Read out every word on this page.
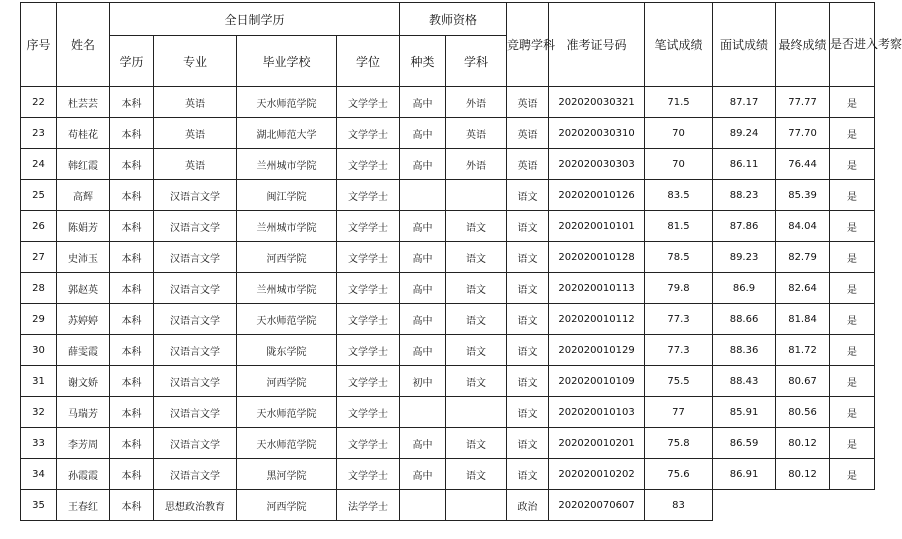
序号	姓名	全日制学历				教师资格		竞聘学科	准考证号码	笔试成绩	面试成绩	最终成绩	是否进入考察
		学历	专业	毕业学校	学位	种类	学科						
22	杜芸芸	本科	英语	天水师范学院	文学学士	高中	外语	英语	202020030321	71.5	87.17	77.77	是
23	苟桂花	本科	英语	湖北师范大学	文学学士	高中	英语	英语	202020030310	70	89.24	77.70	是
24	韩红霞	本科	英语	兰州城市学院	文学学士	高中	外语	英语	202020030303	70	86.11	76.44	是
25	高辉	本科	汉语言文学	闽江学院	文学学士			语文	202020010126	83.5	88.23	85.39	是
26	陈娟芳	本科	汉语言文学	兰州城市学院	文学学士	高中	语文	语文	202020010101	81.5	87.86	84.04	是
27	史沛玉	本科	汉语言文学	河西学院	文学学士	高中	语文	语文	202020010128	78.5	89.23	82.79	是
28	郭赵英	本科	汉语言文学	兰州城市学院	文学学士	高中	语文	语文	202020010113	79.8	86.9	82.64	是
29	苏婷婷	本科	汉语言文学	天水师范学院	文学学士	高中	语文	语文	202020010112	77.3	88.66	81.84	是
30	薛雯霞	本科	汉语言文学	陇东学院	文学学士	高中	语文	语文	202020010129	77.3	88.36	81.72	是
31	谢文娇	本科	汉语言文学	河西学院	文学学士	初中	语文	语文	202020010109	75.5	88.43	80.67	是
32	马瑞芳	本科	汉语言文学	天水师范学院	文学学士			语文	202020010103	77	85.91	80.56	是
33	李芳周	本科	汉语言文学	天水师范学院	文学学士	高中	语文	语文	202020010201	75.8	86.59	80.12	是
34	孙霞霞	本科	汉语言文学	黑河学院	文学学士	高中	语文	语文	202020010202	75.6	86.91	80.12	是
35	王春红	本科	思想政治教育	河西学院	法学学士			政治	202020070607	83			
